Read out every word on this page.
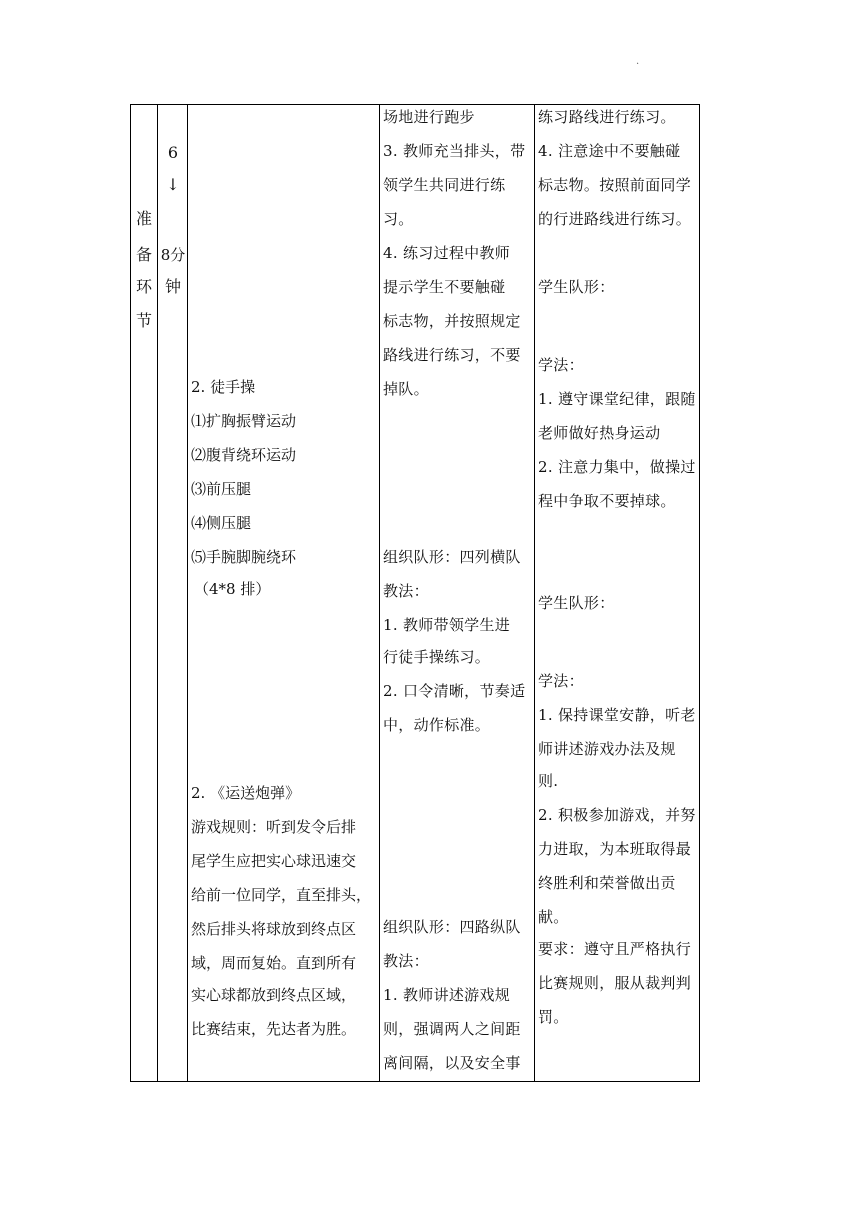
.
准
备
环
节
6
↓
8分
钟
2. 徒手操
⑴扩胸振臂运动
⑵腹背绕环运动
⑶前压腿
⑷侧压腿
⑸手腕脚腕绕环
（4*8 排）
2. 《运送炮弹》
游戏规则：听到发令后排
尾学生应把实心球迅速交
给前一位同学，直至排头，
然后排头将球放到终点区
域，周而复始。直到所有
实心球都放到终点区域，
比赛结束，先达者为胜。
场地进行跑步
3. 教师充当排头，带
领学生共同进行练
习。
4. 练习过程中教师
提示学生不要触碰
标志物，并按照规定
路线进行练习，不要
掉队。
组织队形：四列横队
教法：
1. 教师带领学生进
行徒手操练习。
2. 口令清晰，节奏适
中，动作标准。
组织队形：四路纵队
教法：
1. 教师讲述游戏规
则，强调两人之间距
离间隔，以及安全事
练习路线进行练习。
4. 注意途中不要触碰
标志物。按照前面同学
的行进路线进行练习。
学生队形：
学法：
1. 遵守课堂纪律，跟随
老师做好热身运动
2. 注意力集中，做操过
程中争取不要掉球。
学生队形：
学法：
1. 保持课堂安静，听老
师讲述游戏办法及规
则.
2. 积极参加游戏，并努
力进取，为本班取得最
终胜利和荣誉做出贡
献。
要求：遵守且严格执行
比赛规则，服从裁判判
罚。
